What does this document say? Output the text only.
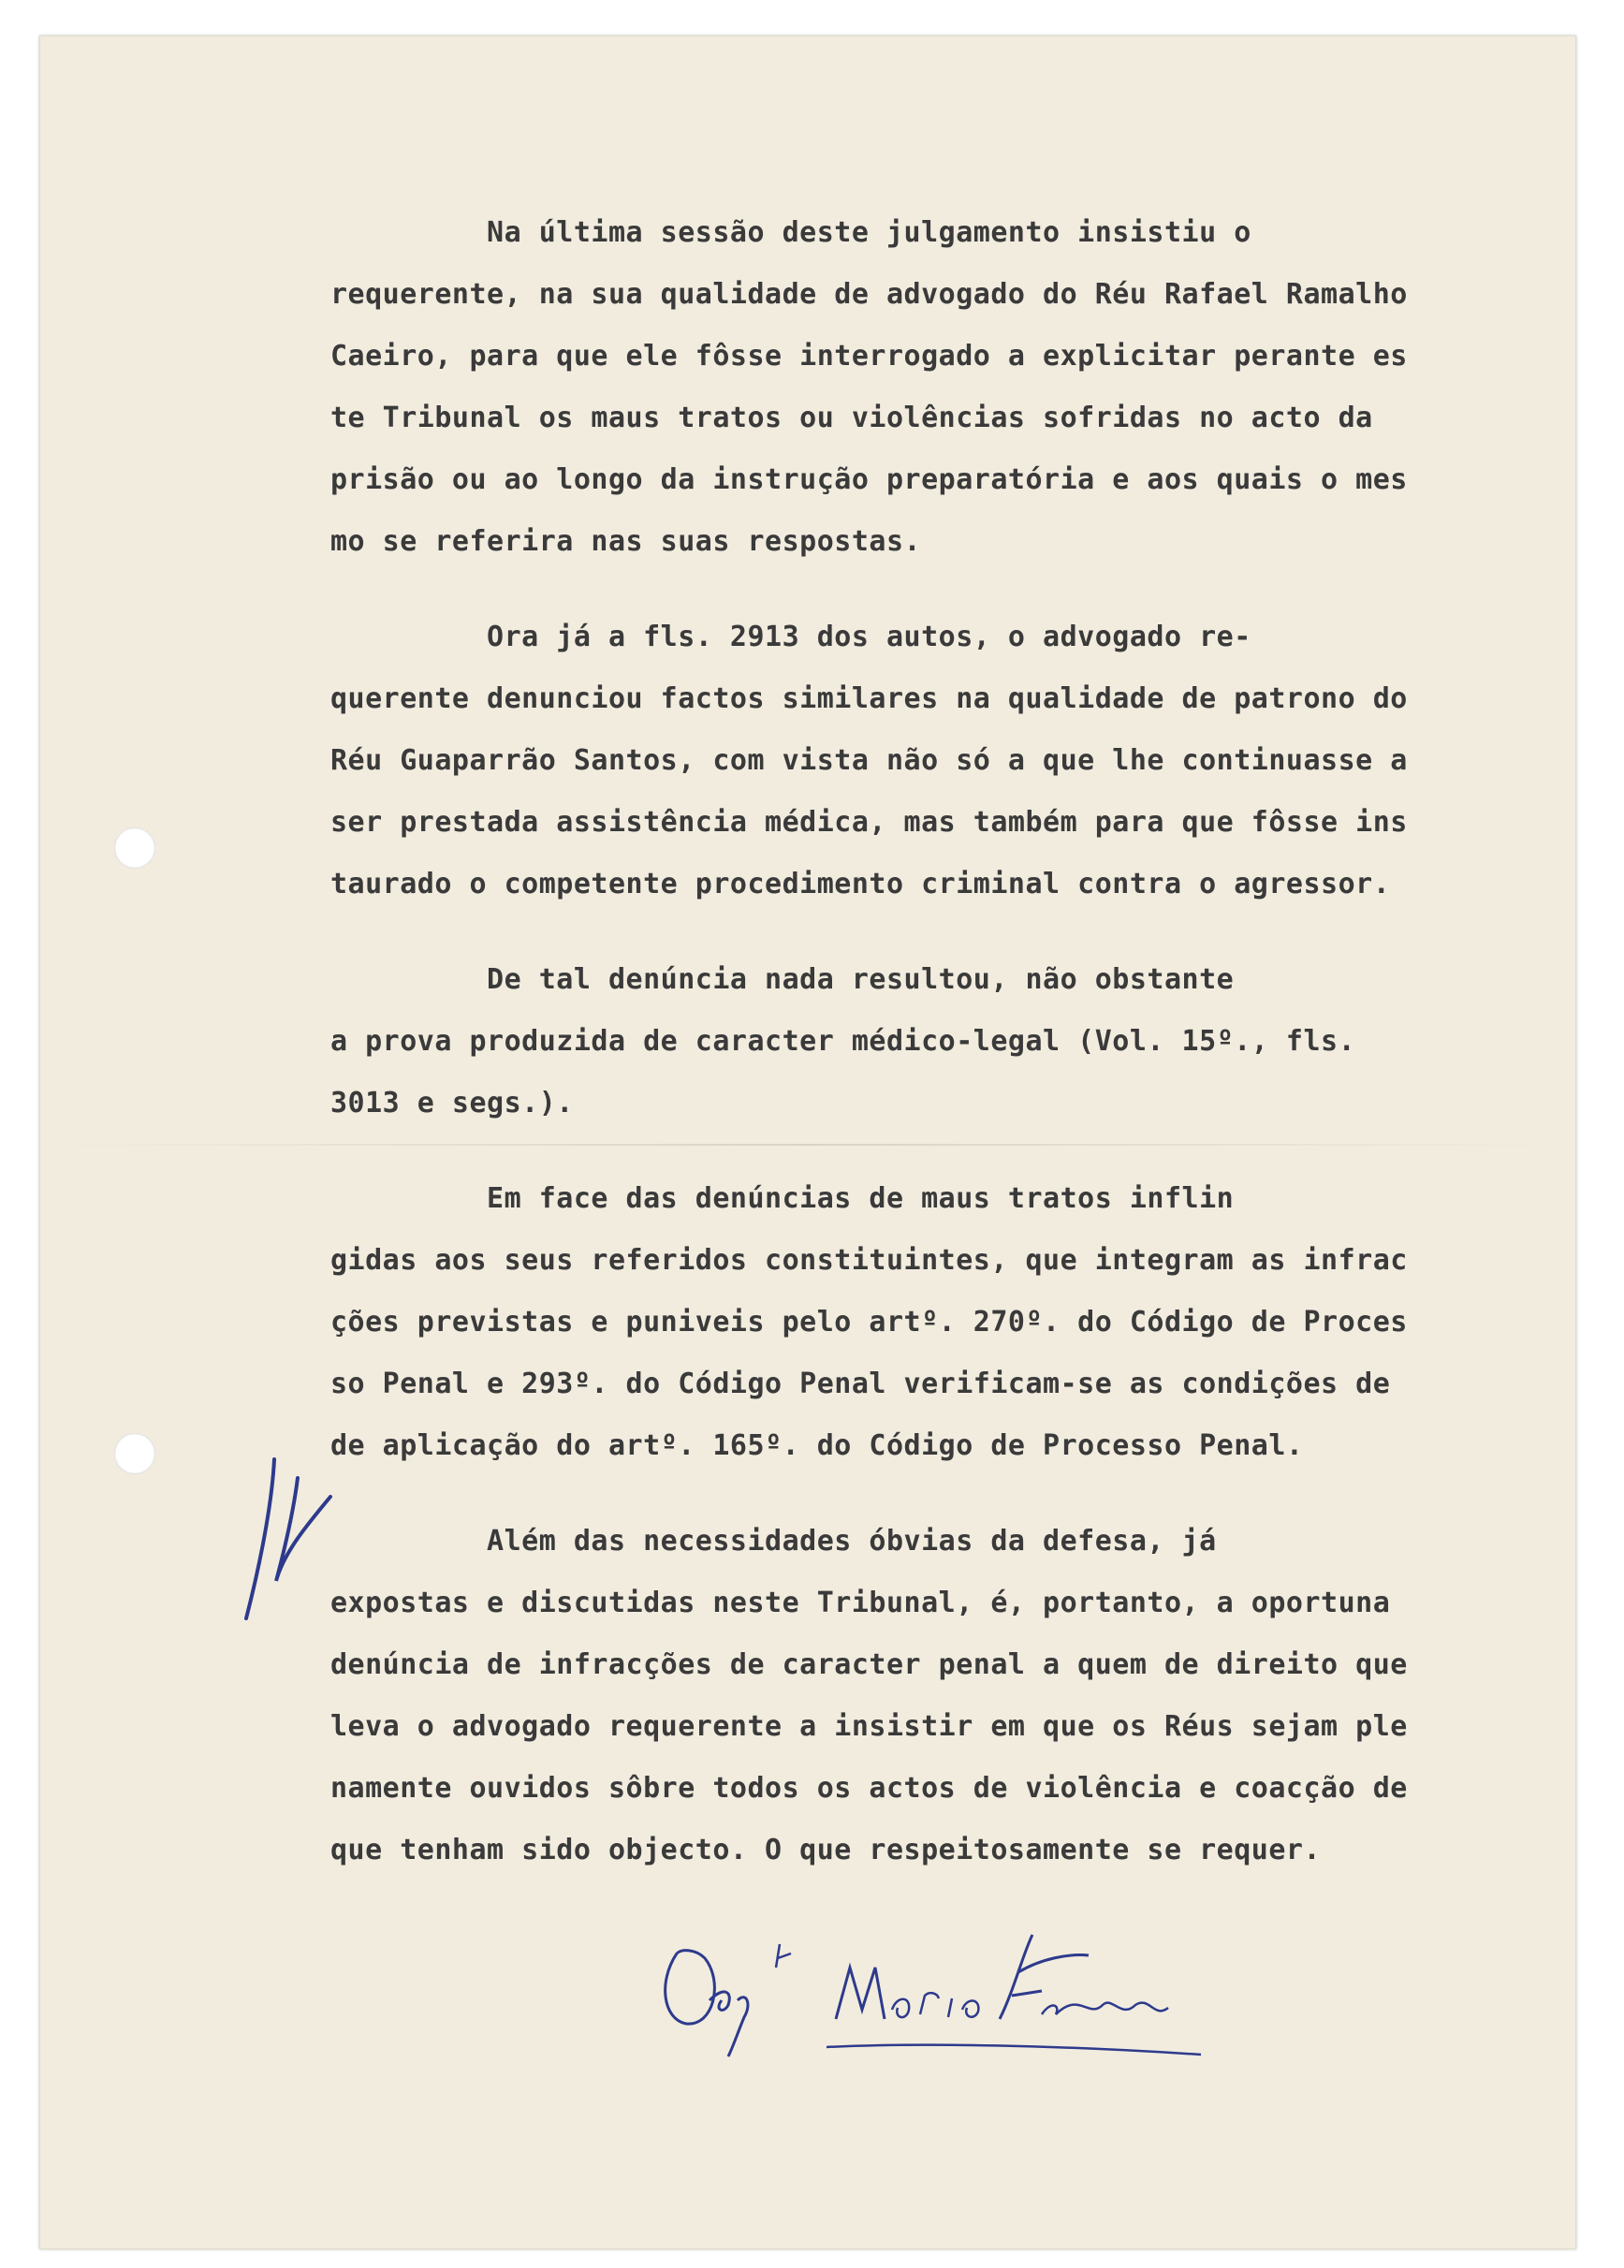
Na última sessão deste julgamento insistiu o
requerente, na sua qualidade de advogado do Réu Rafael Ramalho
Caeiro, para que ele fôsse interrogado a explicitar perante es
te Tribunal os maus tratos ou violências sofridas no acto da
prisão ou ao longo da instrução preparatória e aos quais o mes
mo se referira nas suas respostas.
Ora já a fls. 2913 dos autos, o advogado re-
querente denunciou factos similares na qualidade de patrono do
Réu Guaparrão Santos, com vista não só a que lhe continuasse a
ser prestada assistência médica, mas também para que fôsse ins
taurado o competente procedimento criminal contra o agressor.
De tal denúncia nada resultou, não obstante
a prova produzida de caracter médico-legal (Vol. 15º., fls.
3013 e segs.).
Em face das denúncias de maus tratos inflin
gidas aos seus referidos constituintes, que integram as infrac
ções previstas e puniveis pelo artº. 270º. do Código de Proces
so Penal e 293º. do Código Penal verificam-se as condições de
de aplicação do artº. 165º. do Código de Processo Penal.
Além das necessidades óbvias da defesa, já
expostas e discutidas neste Tribunal, é, portanto, a oportuna
denúncia de infracções de caracter penal a quem de direito que
leva o advogado requerente a insistir em que os Réus sejam ple
namente ouvidos sôbre todos os actos de violência e coacção de
que tenham sido objecto. O que respeitosamente se requer.
